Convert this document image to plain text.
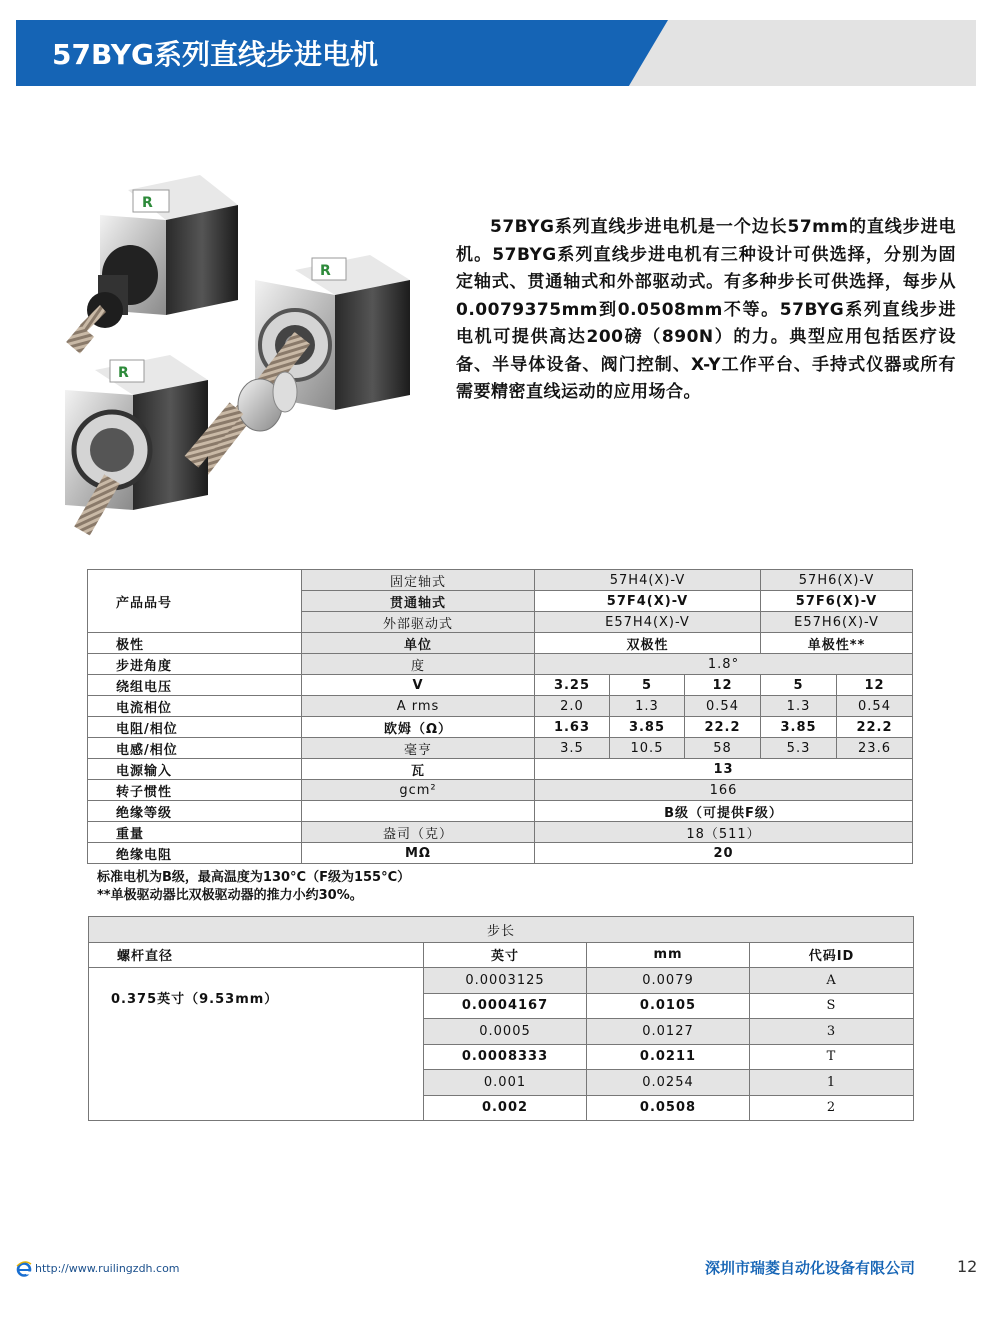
57BYG系列直线步进电机
R
R
R
57BYG系列直线步进电机是一个边长57mm的直线步进电机。57BYG系列直线步进电机有三种设计可供选择，分别为固定轴式、贯通轴式和外部驱动式。有多种步长可供选择，每步从0.0079375mm到0.0508mm不等。57BYG系列直线步进电机可提供高达200磅（890N）的力。典型应用包括医疗设备、半导体设备、阀门控制、X-Y工作平台、手持式仪器或所有需要精密直线运动的应用场合。
产品品号	固定轴式	57H4(X)-V			57H6(X)-V	
	贯通轴式	57F4(X)-V			57F6(X)-V	
	外部驱动式	E57H4(X)-V			E57H6(X)-V	
极性	单位	双极性			单极性**	
步进角度	度	1.8°				
绕组电压	V	3.25	5	12	5	12
电流相位	A rms	2.0	1.3	0.54	1.3	0.54
电阻/相位	欧姆（Ω）	1.63	3.85	22.2	3.85	22.2
电感/相位	毫亨	3.5	10.5	58	5.3	23.6
电源输入	瓦	13				
转子惯性	gcm²	166				
绝缘等级		B级（可提供F级）				
重量	盎司（克）	18（511）				
绝缘电阻	MΩ	20				
标准电机为B级，最高温度为130°C（F级为155°C）
**单极驱动器比双极驱动器的推力小约30%。
步长			
螺杆直径	英寸	mm	代码ID
0.375英寸（9.53mm）	0.0003125	0.0079	A
	0.0004167	0.0105	S
	0.0005	0.0127	3
	0.0008333	0.0211	T
	0.001	0.0254	1
	0.002	0.0508	2
http://www.ruilingzdh.com	深圳市瑞菱自动化设备有限公司	12
